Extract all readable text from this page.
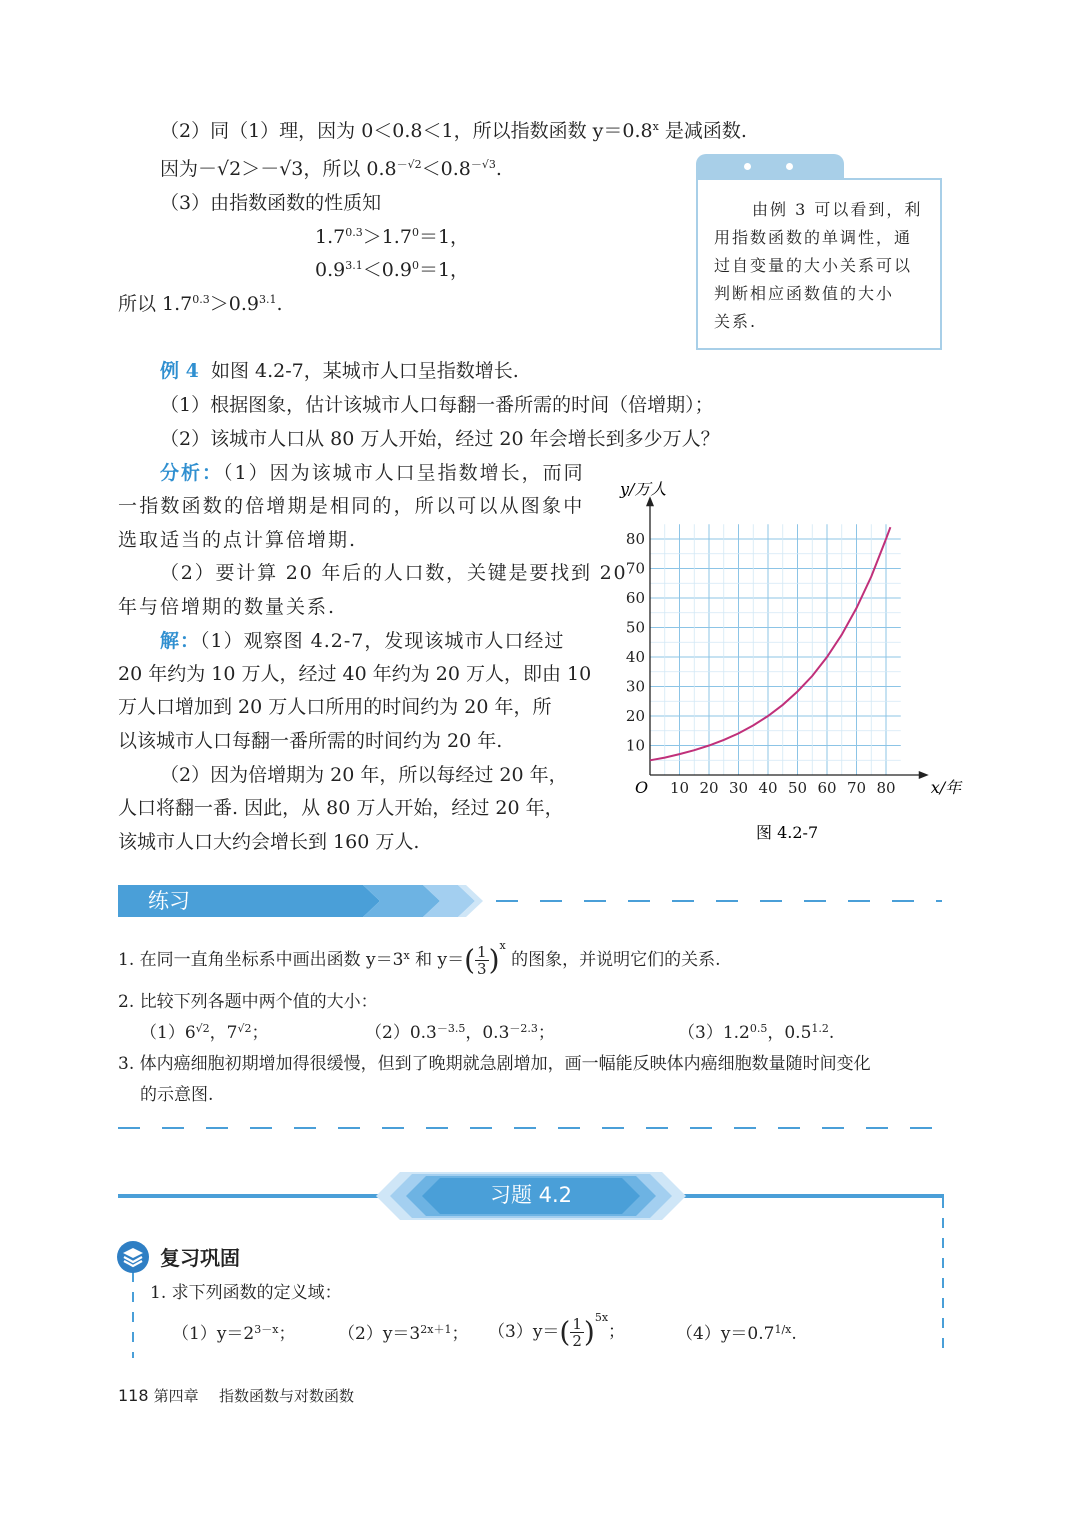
（2）同（1）理，因为 0＜0.8＜1，所以指数函数 $y=0.8^x$ 是减函数.
因为－√2＞－√3，所以 $0.8^{-√2}<0.8^{-√3}$.
（3）由指数函数的性质知
$1.7^{0.3}>1.7^0=1$，
$0.9^{3.1}<0.9^0=1$，
所以 $1.7^{0.3}>0.9^{3.1}$.
由例 3 可以看到，利
用指数函数的单调性，通
过自变量的大小关系可以
判断相应函数值的大小
关系.
例 4 如图 4.2-7，某城市人口呈指数增长.
（1）根据图象，估计该城市人口每翻一番所需的时间（倍增期）；
（2）该城市人口从 80 万人开始，经过 20 年会增长到多少万人？
分析：（1）因为该城市人口呈指数增长，而同
一指数函数的倍增期是相同的，所以可以从图象中
选取适当的点计算倍增期.
（2）要计算 20 年后的人口数，关键是要找到 20
年与倍增期的数量关系.
解：（1）观察图 4.2-7，发现该城市人口经过
20 年约为 10 万人，经过 40 年约为 20 万人，即由 10
万人口增加到 20 万人口所用的时间约为 20 年，所
以该城市人口每翻一番所需的时间约为 20 年.
（2）因为倍增期为 20 年，所以每经过 20 年，
人口将翻一番. 因此，从 80 万人开始，经过 20 年，
该城市人口大约会增长到 160 万人.
10 20 30 40 50 60 70 80
10
20
30
40
50
60
70
80
y/万人
x/年
O
图 4.2-7
练习
1. 在同一直角坐标系中画出函数 $y=3^x$ 和 $y=( \frac{1}{3} )^x$ 的图象，并说明它们的关系.
2. 比较下列各题中两个值的大小：
$(1)6^{√2}$，$7^{√2}$；	$(2)0.3^{-3.5}$，$0.3^{-2.3}$；	$(3)1.2^{0.5}$，$0.5^{1.2}$.
3. 体内癌细胞初期增加得很缓慢，但到了晚期就急剧增加，画一幅能反映体内癌细胞数量随时间变化
的示意图.
习题 4.2
复习巩固
1. 求下列函数的定义域：
$(1)y=2^{3-x}$；	$(2)y=3^{2x+1}$； $(3)y=( \frac{1}{2} )^{5x}$；	$(4)y=0.7^{1/x}$.
118 第四章 指数函数与对数函数
